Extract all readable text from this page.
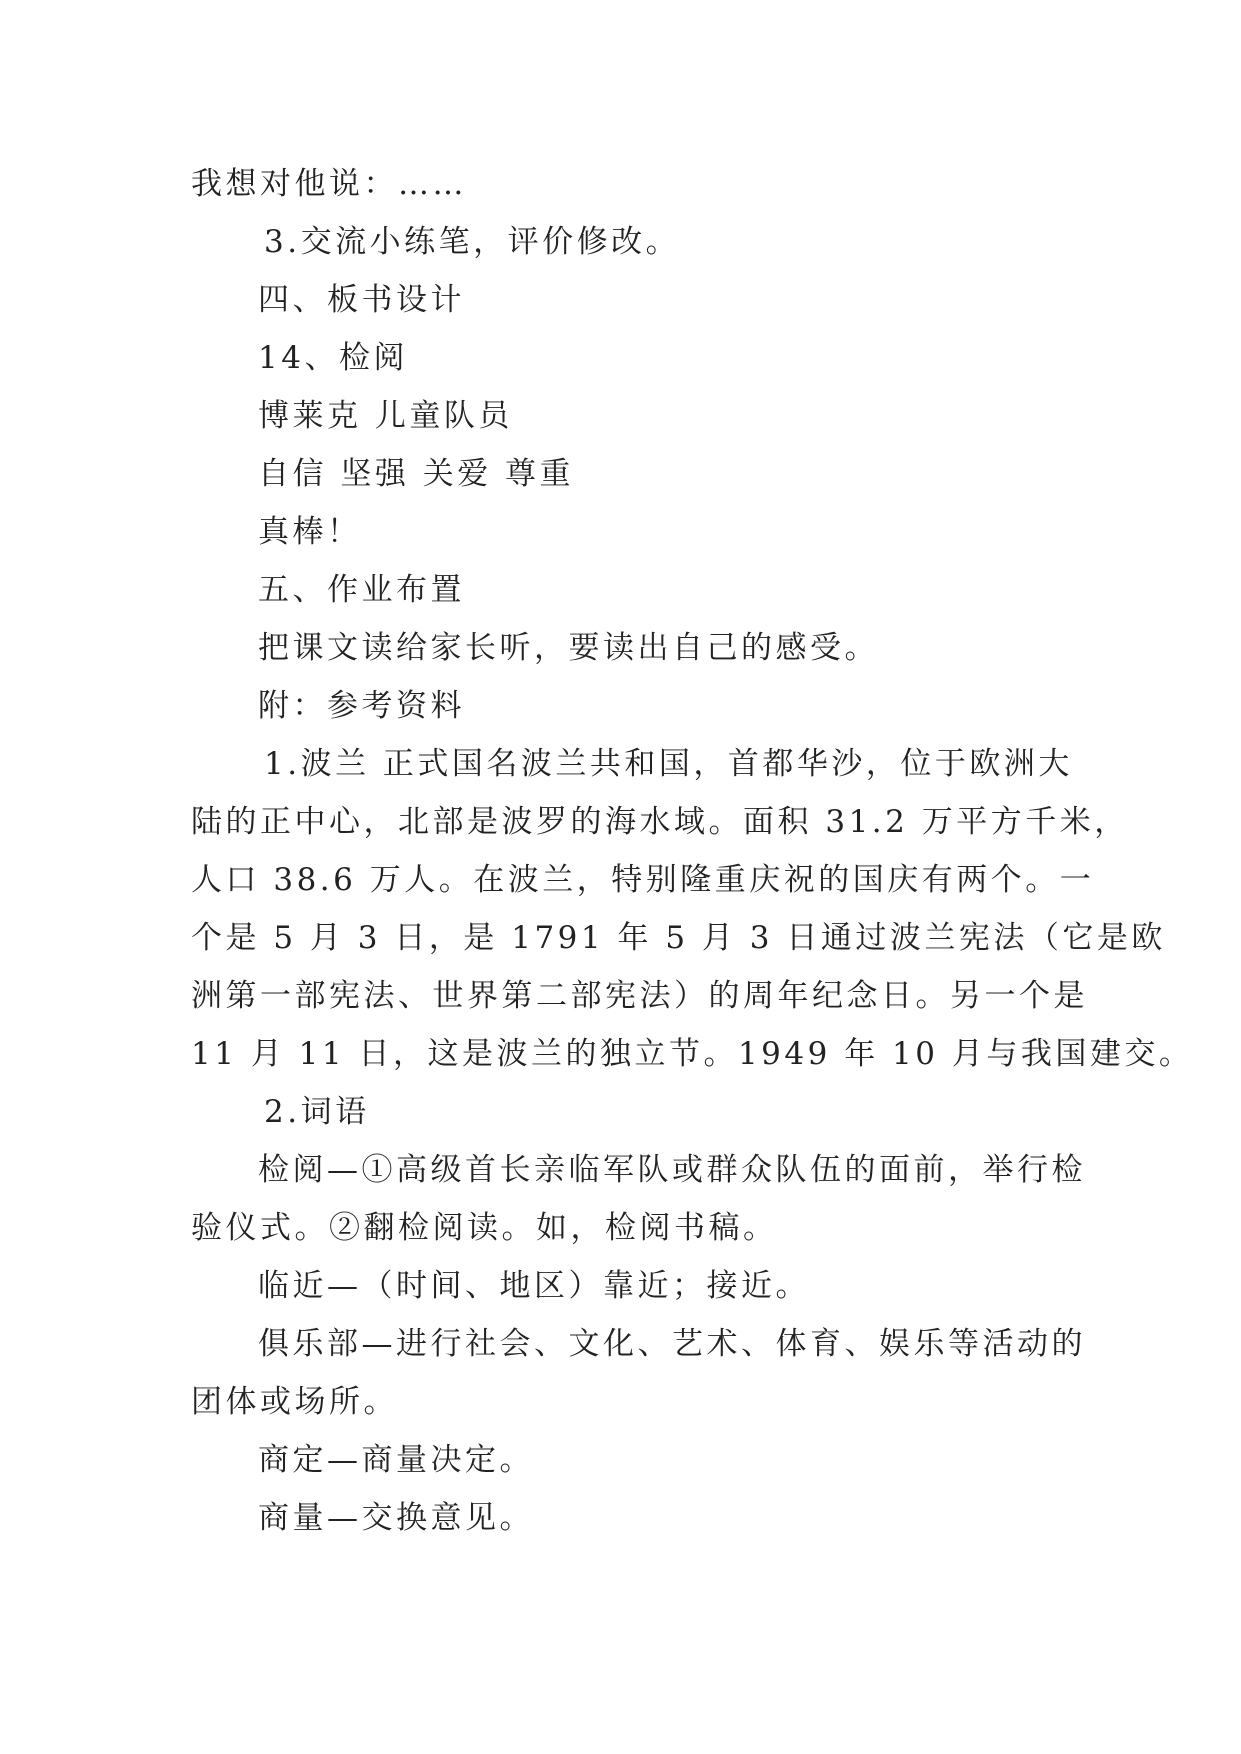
我想对他说：……
3.交流小练笔，评价修改。
四、板书设计
14、检阅
博莱克 儿童队员
自信 坚强 关爱 尊重
真棒！
五、作业布置
把课文读给家长听，要读出自己的感受。
附：参考资料
1.波兰 正式国名波兰共和国，首都华沙，位于欧洲大
陆的正中心，北部是波罗的海水域。面积 31.2 万平方千米，
人口 38.6 万人。在波兰，特别隆重庆祝的国庆有两个。一
个是 5 月 3 日，是 1791 年 5 月 3 日通过波兰宪法（它是欧
洲第一部宪法、世界第二部宪法）的周年纪念日。另一个是
11 月 11 日，这是波兰的独立节。1949 年 10 月与我国建交。
2.词语
检阅—①高级首长亲临军队或群众队伍的面前，举行检
验仪式。②翻检阅读。如，检阅书稿。
临近—（时间、地区）靠近；接近。
俱乐部—进行社会、文化、艺术、体育、娱乐等活动的
团体或场所。
商定—商量决定。
商量—交换意见。
